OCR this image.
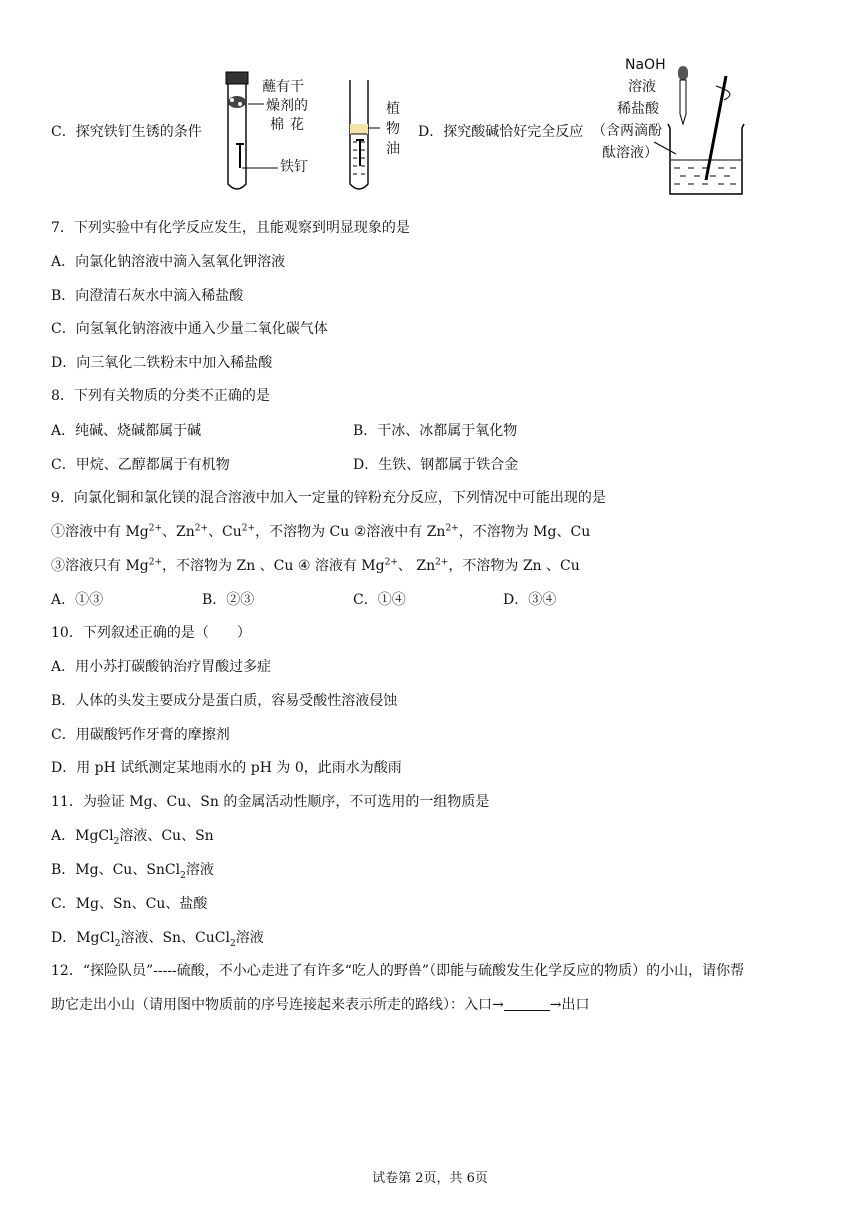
C．探究铁钉生锈的条件
蘸有干
燥剂的
棉花
铁钉
植
物
油
D．探究酸碱恰好完全反应
NaOH
溶液
稀盐酸
（含两滴酚
酞溶液）
7．下列实验中有化学反应发生，且能观察到明显现象的是
A．向氯化钠溶液中滴入氢氧化钾溶液
B．向澄清石灰水中滴入稀盐酸
C．向氢氧化钠溶液中通入少量二氧化碳气体
D．向三氧化二铁粉末中加入稀盐酸
8．下列有关物质的分类不正确的是
A．纯碱、烧碱都属于碱	B．干冰、冰都属于氧化物
C．甲烷、乙醇都属于有机物	D．生铁、钢都属于铁合金
9．向氯化铜和氯化镁的混合溶液中加入一定量的锌粉充分反应，下列情况中可能出现的是
①溶液中有 $Mg^{2+}$、$Zn^{2+}$、$Cu^{2+}$，不溶物为 Cu ②溶液中有 $Zn^{2+}$，不溶物为 Mg、Cu
③溶液只有 $Mg^{2+}$，不溶物为 Zn 、Cu ④ 溶液有 $Mg^{2+}$、 $Zn^{2+}$，不溶物为 Zn 、Cu
A．①③	B．②③	C．①④	D．③④
10．下列叙述正确的是（　　）
A．用小苏打碳酸钠治疗胃酸过多症
B．人体的头发主要成分是蛋白质，容易受酸性溶液侵蚀
C．用碳酸钙作牙膏的摩擦剂
D．用 pH 试纸测定某地雨水的 pH 为 0，此雨水为酸雨
11．为验证 Mg、Cu、Sn 的金属活动性顺序，不可选用的一组物质是
A．MgCl$_2$溶液、Cu、Sn
B．Mg、Cu、SnCl$_2$溶液
C．Mg、Sn、Cu、盐酸
D．MgCl$_2$溶液、Sn、CuCl$_2$溶液
12．“探险队员”-----硫酸，不小心走进了有许多“吃人的野兽”（即能与硫酸发生化学反应的物质）的小山，请你帮
助它走出小山（请用图中物质前的序号连接起来表示所走的路线）：入口→	→出口
试卷第 2页，共 6页
